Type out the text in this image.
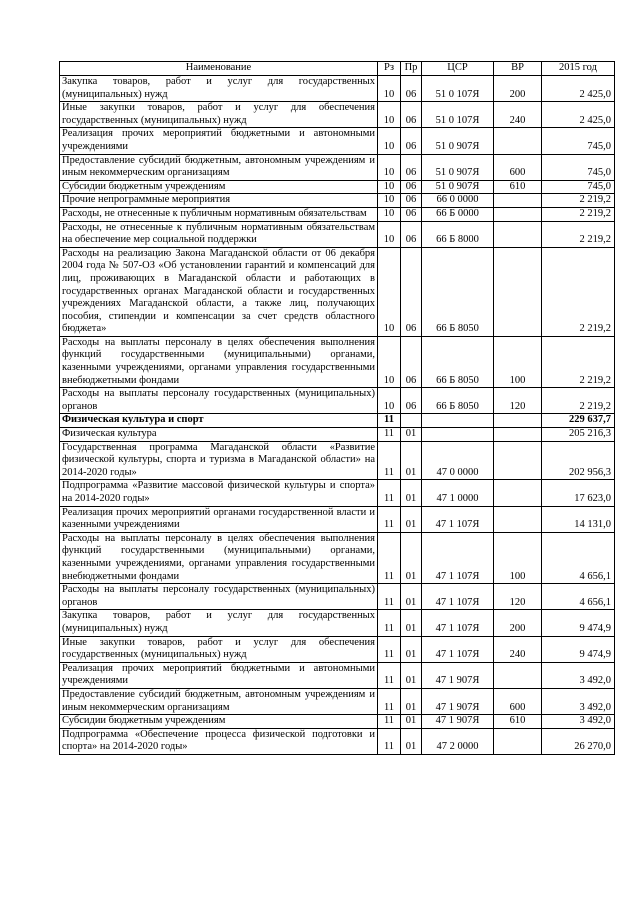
Наименование	Рз	Пр	ЦСР	ВР	2015 год
Закупка товаров, работ и услуг для государственных (муниципальных) нужд	10	06	51 0 107Я	200	2 425,0
Иные закупки товаров, работ и услуг для обеспечения государственных (муниципальных) нужд	10	06	51 0 107Я	240	2 425,0
Реализация прочих мероприятий бюджетными и автономными учреждениями	10	06	51 0 907Я		745,0
Предоставление субсидий бюджетным, автономным учреждениям и иным некоммерческим организациям	10	06	51 0 907Я	600	745,0
Субсидии бюджетным учреждениям	10	06	51 0 907Я	610	745,0
Прочие непрограммные мероприятия	10	06	66 0 0000		2 219,2
Расходы, не отнесенные к публичным нормативным обязательствам	10	06	66 Б 0000		2 219,2
Расходы, не отнесенные к публичным нормативным обязательствам на обеспечение мер социальной поддержки	10	06	66 Б 8000		2 219,2
Расходы на реализацию Закона Магаданской области от 06 декабря 2004 года № 507-ОЗ «Об установлении гарантий и компенсаций для лиц, проживающих в Магаданской области и работающих в государственных органах Магаданской области и государственных учреждениях Магаданской области, а также лиц, получающих пособия, стипендии и компенсации за счет средств областного бюджета»	10	06	66 Б 8050		2 219,2
Расходы на выплаты персоналу в целях обеспечения выполнения функций государственными (муниципальными) органами, казенными учреждениями, органами управления государственными внебюджетными фондами	10	06	66 Б 8050	100	2 219,2
Расходы на выплаты персоналу государственных (муниципальных) органов	10	06	66 Б 8050	120	2 219,2
Физическая культура и спорт	11				229 637,7
Физическая культура	11	01			205 216,3
Государственная программа Магаданской области «Развитие физической культуры, спорта и туризма в Магаданской области» на 2014-2020 годы»	11	01	47 0 0000		202 956,3
Подпрограмма «Развитие массовой физической культуры и спорта» на 2014-2020 годы»	11	01	47 1 0000		17 623,0
Реализация прочих мероприятий органами государственной власти и казенными учреждениями	11	01	47 1 107Я		14 131,0
Расходы на выплаты персоналу в целях обеспечения выполнения функций государственными (муниципальными) органами, казенными учреждениями, органами управления государственными внебюджетными фондами	11	01	47 1 107Я	100	4 656,1
Расходы на выплаты персоналу государственных (муниципальных) органов	11	01	47 1 107Я	120	4 656,1
Закупка товаров, работ и услуг для государственных (муниципальных) нужд	11	01	47 1 107Я	200	9 474,9
Иные закупки товаров, работ и услуг для обеспечения государственных (муниципальных) нужд	11	01	47 1 107Я	240	9 474,9
Реализация прочих мероприятий бюджетными и автономными учреждениями	11	01	47 1 907Я		3 492,0
Предоставление субсидий бюджетным, автономным учреждениям и иным некоммерческим организациям	11	01	47 1 907Я	600	3 492,0
Субсидии бюджетным учреждениям	11	01	47 1 907Я	610	3 492,0
Подпрограмма «Обеспечение процесса физической подготовки и спорта» на 2014-2020 годы»	11	01	47 2 0000		26 270,0
